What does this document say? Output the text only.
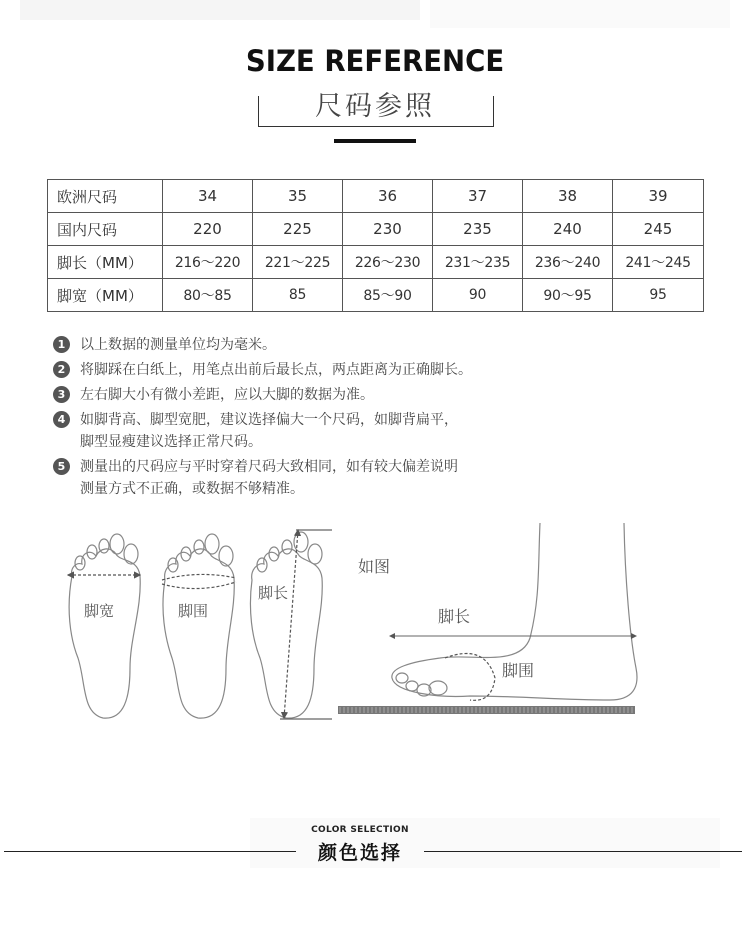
SIZE REFERENCE
尺码参照
欧洲尺码	34	35	36	37	38	39
国内尺码	220	225	230	235	240	245
脚长（MM）	216～220	221～225	226～230	231～235	236～240	241～245
脚宽（MM）	80～85	85	85～90	90	90～95	95
1	以上数据的测量单位均为毫米。
2	将脚踩在白纸上，用笔点出前后最长点，两点距离为正确脚长。
3	左右脚大小有微小差距，应以大脚的数据为准。
4	如脚背高、脚型宽肥，建议选择偏大一个尺码，如脚背扁平，
脚型显瘦建议选择正常尺码。
5	测量出的尺码应与平时穿着尺码大致相同，如有较大偏差说明
测量方式不正确，或数据不够精准。
脚宽	脚围
脚长
如图
脚长
脚围
COLOR SELECTION
颜色选择
